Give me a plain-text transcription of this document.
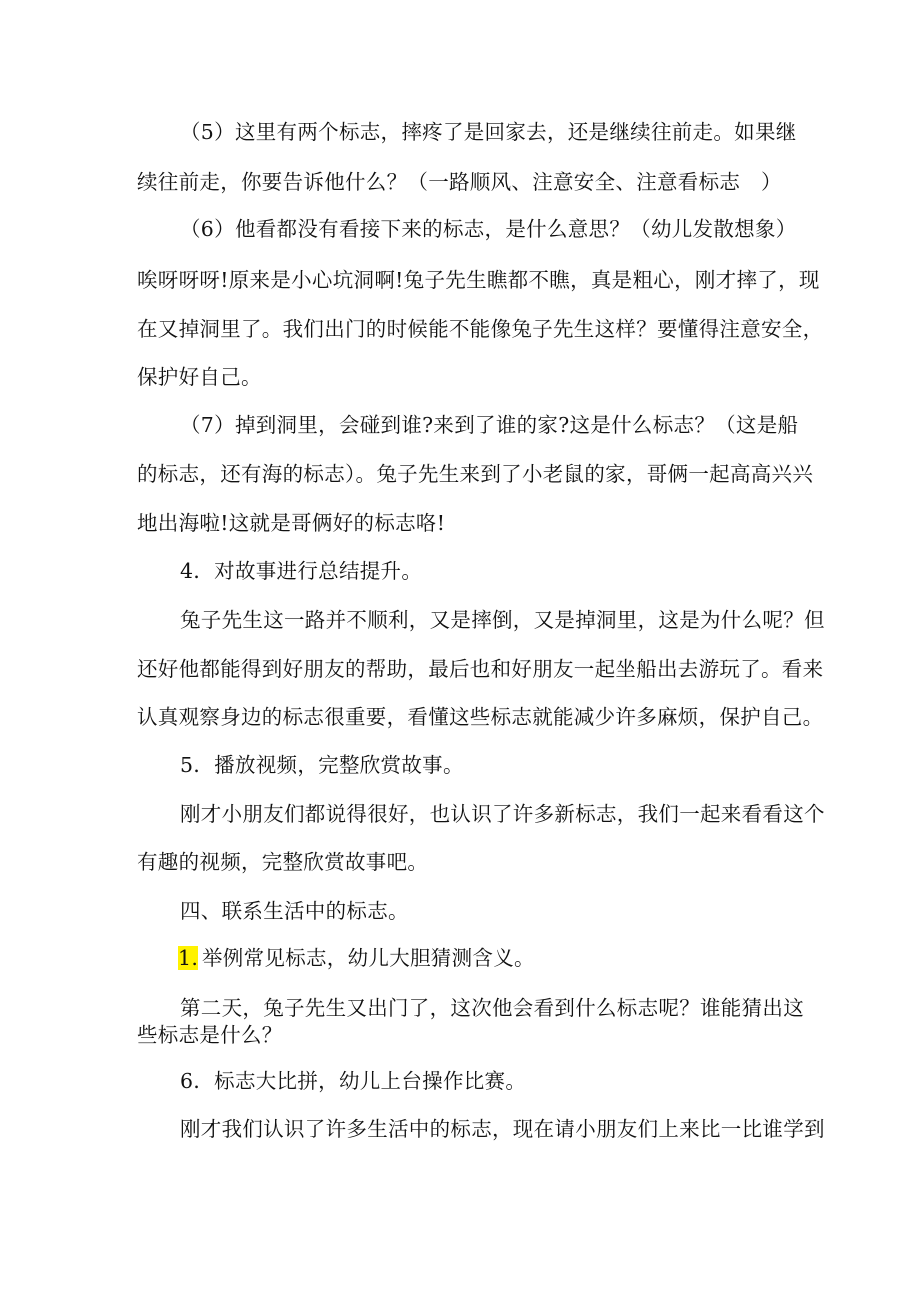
（5）这里有两个标志，摔疼了是回家去，还是继续往前走。如果继
续往前走，你要告诉他什么？（一路顺风、注意安全、注意看标志　）
（6）他看都没有看接下来的标志，是什么意思？（幼儿发散想象）
唉呀呀呀!原来是小心坑洞啊!兔子先生瞧都不瞧，真是粗心，刚才摔了，现
在又掉洞里了。我们出门的时候能不能像兔子先生这样？要懂得注意安全，
保护好自己。
（7）掉到洞里，会碰到谁?来到了谁的家?这是什么标志？（这是船
的标志，还有海的标志）。兔子先生来到了小老鼠的家，哥俩一起高高兴兴
地出海啦!这就是哥俩好的标志咯!
4．对故事进行总结提升。
兔子先生这一路并不顺利，又是摔倒，又是掉洞里，这是为什么呢？但
还好他都能得到好朋友的帮助，最后也和好朋友一起坐船出去游玩了。看来
认真观察身边的标志很重要，看懂这些标志就能减少许多麻烦，保护自己。
5．播放视频，完整欣赏故事。
刚才小朋友们都说得很好，也认识了许多新标志，我们一起来看看这个
有趣的视频，完整欣赏故事吧。
四、联系生活中的标志。
1. 举例常见标志，幼儿大胆猜测含义。
第二天，兔子先生又出门了，这次他会看到什么标志呢？谁能猜出这
些标志是什么？
6．标志大比拼，幼儿上台操作比赛。
刚才我们认识了许多生活中的标志，现在请小朋友们上来比一比谁学到
